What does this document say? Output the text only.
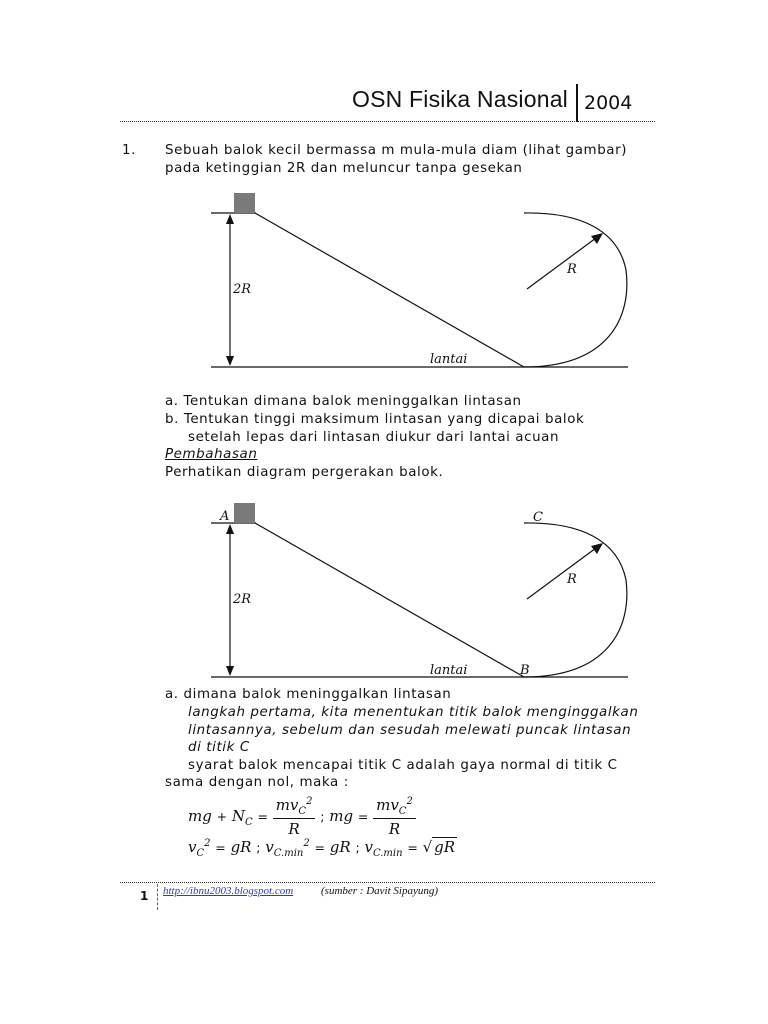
OSN Fisika Nasional 2004
1. Sebuah balok kecil bermassa m mula-mula diam (lihat gambar)
pada ketinggian 2R dan meluncur tanpa gesekan
2R
R
lantai
2R
R
lantai
A
B
C
a. Tentukan dimana balok meninggalkan lintasan
b. Tentukan tinggi maksimum lintasan yang dicapai balok
setelah lepas dari lintasan diukur dari lantai acuan
Pembahasan
Perhatikan diagram pergerakan balok.
a. dimana balok meninggalkan lintasan
langkah pertama, kita menentukan titik balok menginggalkan
lintasannya, sebelum dan sesudah melewati puncak lintasan
di titik C
syarat balok mencapai titik C adalah gaya normal di titik C
sama dengan nol, maka :
mg + $N_C = \frac{mv_C^2}{R}$ ; mg = $\frac{mv_C^2}{R}$
$v_C^2$ = gR ; $v_{C.min}^2$ = gR ; $v_{C.min}$ = √ gR
1 http://ibnu2003.blogspot.com	(sumber : Davit Sipayung)
